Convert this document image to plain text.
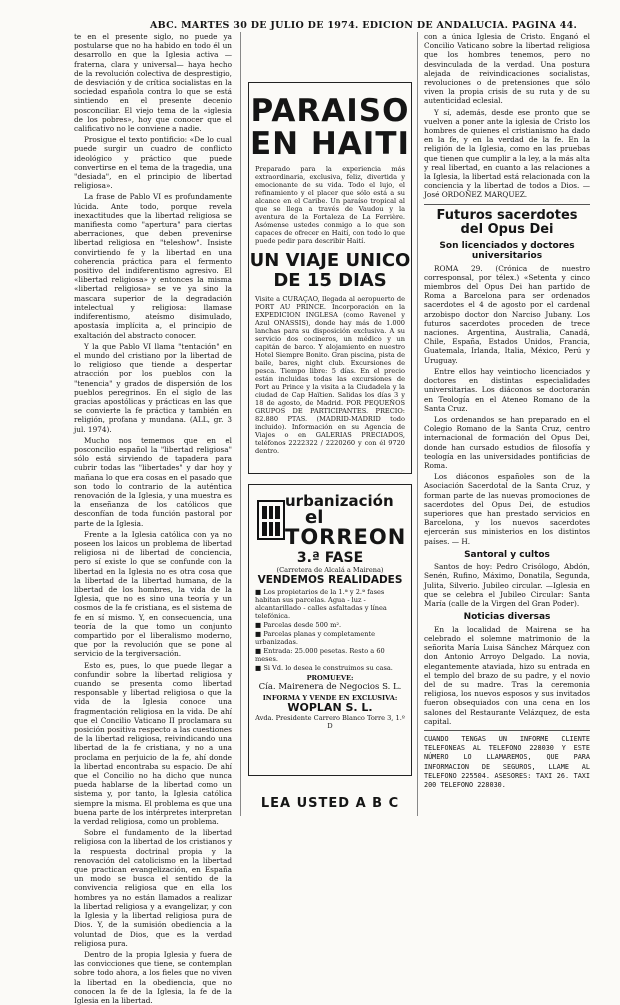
ABC. MARTES 30 DE JULIO DE 1974. EDICION DE ANDALUCIA. PAGINA 44.

te en el presente siglo, no puede ya postularse que no ha habido en todo él un desarrollo en que la Iglesia activa —fraterna, clara y universal— haya hecho de la revolución colectiva de desprestigio, de desviación y de crítica socialistas en la sociedad española contra lo que se está sintiendo en el presente decenio posconciliar. El viejo tema de la «iglesia de los pobres», hoy que conocer que el calificativo no le conviene a nadie.

Prosigue el texto pontificio: «De lo cual puede surgir un cuadro de conflicto ideológico y práctico que puede convertirse en el tema de la tragedia, una "desiada", en el principio de libertad religiosa».

La frase de Pablo VI es profundamente lúcida. Ante todo, porque revela inexactitudes que la libertad religiosa se manifiesta como "apertura" para ciertas aberraciones, que deben prevenirse libertad religiosa en "teleshow". Insiste convirtiendo fe y la libertad en una coherencia práctica para el fermento positivo del indiferentismo agresivo. El «libertad religiosa» y entonces la misma «libertad religiosa» se ve ya sino la mascara superior de la degradación intelectual y religiosa: llamase indiferentismo, ateísmo disimulado, apostasía implícita a, el principio de exaltación del abstracto conocer.

Y la que Pablo VI llama "tentación" en el mundo del cristiano por la libertad de lo religioso que tiende a despertar atracción por los pueblos con la "tenencia" y grados de dispersión de los pueblos peregrinos. En el siglo de las gracias apostólicas y prácticas en las que se convierte la fe práctica y también en religión, profana y mundana. (ALL, gr. 3 jul. 1974).

Mucho nos tememos que en el posconcilio español la "libertad religiosa" sólo está sirviendo de tapadera para cubrir todas las "libertades" y dar hoy y mañana lo que era cosas en el pasado que son todo lo contrario de la auténtica renovación de la Iglesia, y una muestra es la enseñanza de los católicos que desconfían de toda función pastoral por parte de la Iglesia.

Frente a la Iglesia católica con ya no poseen los laicos un problema de libertad religiosa ni de libertad de conciencia, pero sí existe lo que se confunde con la libertad en la Iglesia no es otra cosa que la libertad de la libertad humana, de la libertad de los hombres, la vida de la Iglesia, que no es sino una teoría y un cosmos de la fe cristiana, es el sistema de fe en sí mismo. Y, en consecuencia, una teoría de la que tomo un conjunto compartido por el liberalismo moderno, que por la revolución que se pone al servicio de la tergiversación.

Esto es, pues, lo que puede llegar a confundir sobre la libertad religiosa y cuando se presenta como libertad responsable y libertad religiosa o que la vida de la Iglesia conoce una fragmentación religiosa en la vida. De ahí que el Concilio Vaticano II proclamara su posición positiva respecto a las cuestiones de la libertad religiosa, reivindicando una libertad de la fe cristiana, y no a una proclama en perjuicio de la fe, ahí donde la libertad encontraba su espacio. De ahí que el Concilio no ha dicho que nunca pueda hablarse de la libertad como un sistema y, por tanto, la Iglesia católica siempre la misma. El problema es que una buena parte de los intérpretes interpretan la verdad religiosa, como un problema.

Sobre el fundamento de la libertad religiosa con la libertad de los cristianos y la respuesta doctrinal propia y la renovación del catolicismo en la libertad que practican evangelización, en España un modo se busca el sentido de la convivencia religiosa que en ella los hombres ya no están llamados a realizar la libertad religiosa y a evangelizar, y con la Iglesia y la libertad religiosa pura de Dios. Y, de la sumisión obediencia a la voluntad de Dios, que es la verdad religiosa pura.

Dentro de la propia Iglesia y fuera de las convicciones que tiene, se contemplan sobre todo ahora, a los fieles que no viven la libertad en la obediencia, que no conocen la fe de la Iglesia, la fe de la Iglesia en la libertad.

PARAISO
EN HAITI
Preparado para la experiencia más extraordinaria, exclusiva, feliz, divertida y emocionante de su vida. Todo el lujo, el refinamiento y el placer que sólo está a su alcance en el Caribe. Un paraíso tropical al que se llega a través de Vaudou y la aventura de la Fortaleza de La Ferrière. Asómense ustedes conmigo a lo que son capaces de ofrecer en Haití, con todo lo que puede pedir para describir Haití.
UN VIAJE UNICO DE 15 DIAS
Visite a CURAÇAO, llegada al aeropuerto de PORT AU PRINCE. Incorporación en la EXPEDICION INGLESA (como Ravenel y Azul ONASSIS), donde hay más de 1.000 lanchas para su disposición exclusiva. A su servicio dos cocineros, un médico y un capitán de barco. Y alojamiento en nuestro Hotel Siempre Bonito. Gran piscina, pista de baile, bares, night club. Excursiones de pesca. Tiempo libre: 5 días. En el precio están incluidas todas las excursiones de Port au Prince y la visita a la Ciudadela y la ciudad de Cap Haïtien. Salidas los días 3 y 18 de agosto, de Madrid. POR PEQUEÑOS GRUPOS DE PARTICIPANTES. PRECIO: 82.880 PTAS. (MADRID-MADRID todo incluido). Información en su Agencia de Viajes o en GALERIAS PRECIADOS, teléfonos 2222322 / 2220260 y con él 9720 dentro.
urbanización
el
TORREON
3.ª FASE
(Carretera de Alcalá a Mairena)
VENDEMOS REALIDADES
■ Los propietarios de la 1.ª y 2.ª fases habitan sus parcelas. Agua - luz - alcantarillado - calles asfaltadas y línea telefónica.
■ Parcelas desde 500 m².
■ Parcelas planas y completamente urbanizadas.
■ Entrada: 25.000 pesetas. Resto a 60 meses.
■ Si Vd. lo desea le construimos su casa.
PROMUEVE:
Cía. Mairenera de Negocios S. L.
INFORMA Y VENDE EN EXCLUSIVA:
WOPLAN S. L.
Avda. Presidente Carrero Blanco Torre 3, 1.º D
LEA USTED A B C

con a única Iglesia de Cristo. Enganó el Concilio Vaticano sobre la libertad religiosa que los hombres tenemos, pero no desvinculada de la verdad. Una postura alejada de reivindicaciones socialistas, revoluciones o de pretensiones que sólo viven la propia crisis de su ruta y de su autenticidad eclesial.

Y sí, además, desde ese pronto que se vuelven a poner ante la iglesia de Cristo los hombres de quienes el cristianismo ha dado en la fe, y en la verdad de la fe. En la religión de la Iglesia, como en las pruebas que tienen que cumplir a la ley, a la más alta y real libertad, en cuanto a las relaciones a la Iglesia, la libertad está relacionada con la conciencia y la libertad de todos a Dios. — José ORDOÑEZ MARQUEZ.

Futuros sacerdotes del Opus Dei

Son licenciados y doctores universitarios

ROMA 29. (Crónica de nuestro corresponsal, por télex.) «Setenta y cinco miembros del Opus Dei han partido de Roma a Barcelona para ser ordenados sacerdotes el 4 de agosto por el cardenal arzobispo doctor don Narciso Jubany. Los futuros sacerdotes proceden de trece naciones. Argentina, Australia, Canadá, Chile, España, Estados Unidos, Francia, Guatemala, Irlanda, Italia, México, Perú y Uruguay.

Entre ellos hay veintiocho licenciados y doctores en distintas especialidades universitarias. Los diáconos se doctorarán en Teología en el Ateneo Romano de la Santa Cruz.

Los ordenandos se han preparado en el Colegio Romano de la Santa Cruz, centro internacional de formación del Opus Dei, donde han cursado estudios de filosofía y teología en las universidades pontificias de Roma.

Los diáconos españoles son de la Asociación Sacerdotal de la Santa Cruz, y forman parte de las nuevas promociones de sacerdotes del Opus Dei, de estudios superiores que han prestado servicios en Barcelona, y los nuevos sacerdotes ejercerán sus ministerios en los distintos países. — H.

Santoral y cultos

Santos de hoy: Pedro Crisólogo, Abdón, Senén, Rufino, Máximo, Donatila, Segunda, Julita, Silverio. Jubileo circular. —Iglesia en que se celebra el Jubileo Circular: Santa María (calle de la Virgen del Gran Poder).

Noticias diversas

En la localidad de Mairena se ha celebrado el solemne matrimonio de la señorita María Luisa Sánchez Márquez con don Antonio Arroyo Delgado. La novia, elegantemente ataviada, hizo su entrada en el templo del brazo de su padre, y el novio del de su madre. Tras la ceremonia religiosa, los nuevos esposos y sus invitados fueron obsequiados con una cena en los salones del Restaurante Velázquez, de esta capital.

CUANDO TENGAS UN INFORME CLIENTE TELEFONEAS AL TELEFONO 228030 Y ESTE NÚMERO LO LLAMAREMOS, QUE PARA INFORMACION DE SEGUROS, LLAME AL TELEFONO 225504. ASESORES: TAXI 26. TAXI 200 TELEFONO 228030.
